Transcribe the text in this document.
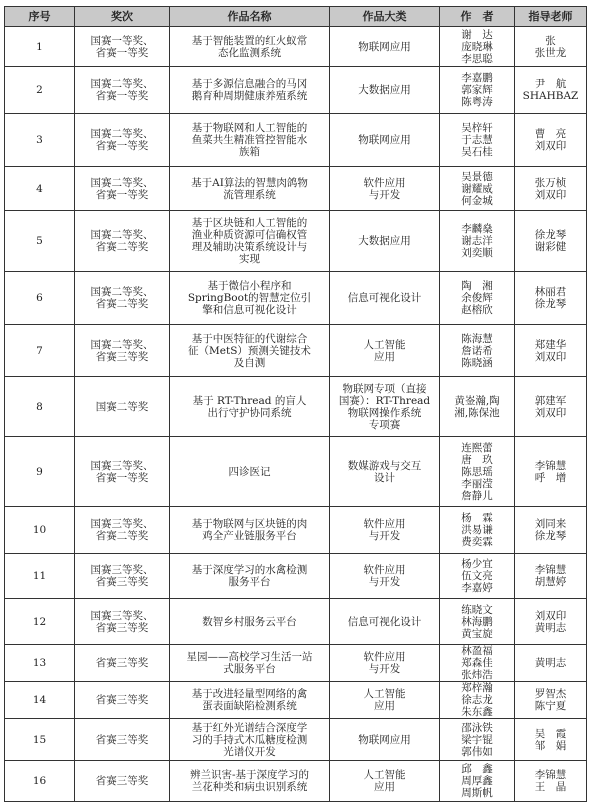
序号	奖次	作品名称	作品大类	作　者	指导老师
1	国赛一等奖、
省赛一等奖	基于智能装置的红火蚁常
态化监测系统	物联网应用	谢　达
庞晓琳
李思聪	张　
张世龙
2	国赛二等奖、
省赛一等奖	基于多源信息融合的马冈
鹅育种周期健康养殖系统	大数据应用	李嘉鹏
郭家辉
陈粤涛	尹　航
SHAHBAZ
3	国赛二等奖、
省赛一等奖	基于物联网和人工智能的
鱼菜共生精准管控智能水
族箱	物联网应用	吴梓轩
于志慧
吴石桂	曹　亮
刘双印
4	国赛二等奖、
省赛一等奖	基于AI算法的智慧肉鸽物
流管理系统	软件应用
与开发	吴景德
谢耀威
何金城	张万桢
刘双印
5	国赛二等奖、
省赛二等奖	基于区块链和人工智能的
渔业种质资源可信确权管
理及辅助决策系统设计与
实现	大数据应用	李麟燊
谢志洋
刘奕顺	徐龙琴
谢彩健
6	国赛二等奖、
省赛二等奖	基于微信小程序和
SpringBoot的智慧定位引
擎和信息可视化设计	信息可视化设计	陶　湘
余俊辉
赵榕欣	林丽君
徐龙琴
7	国赛二等奖、
省赛三等奖	基于中医特征的代谢综合
征（MetS）预测关键技术
及自测	人工智能
应用	陈海慧
詹诺希
陈晓涵	郑建华
刘双印
8	国赛二等奖	基于 RT-Thread 的盲人
出行守护协同系统	物联网专项（直接
国赛）：RT-Thread
物联网操作系统
专项赛	黄崟瀚,陶
湘,陈保池	郭建军
刘双印
9	国赛三等奖、
省赛一等奖	四诊医记	数媒游戏与交互
设计	连熙蕾
唐　玖
陈思瑶
李丽滢
詹静儿	李锦慧
呼　增
10	国赛三等奖、
省赛二等奖	基于物联网与区块链的肉
鸡全产业链服务平台	软件应用
与开发	杨　霖
洪易谦
费奕霖	刘同来
徐龙琴
11	国赛三等奖、
省赛三等奖	基于深度学习的水禽检测
服务平台	软件应用
与开发	杨少宜
伍文亮
李嘉婷	李锦慧
胡慧婷
12	国赛三等奖、
省赛三等奖	数智乡村服务云平台	信息可视化设计	练晓文
林海鹏
黄宝旋	刘双印
黄明志
13	省赛三等奖	星园——高校学习生活一站
式服务平台	软件应用
与开发	林盈福
郑森佳
张炜浩	黄明志
14	省赛三等奖	基于改进轻量型网络的禽
蛋表面缺陷检测系统	人工智能
应用	郑梓瀚
徐志龙
朱东鑫	罗智杰
陈宁夏
15	省赛三等奖	基于红外光谱结合深度学
习的手持式木瓜糖度检测
光谱仪开发	物联网应用	邵泳铁
梁宇锟
郭伟如	吴　霞
邹　娟
16	省赛三等奖	辨兰识害-基于深度学习的
兰花种类和病虫识别系统	人工智能
应用	邱　鑫
周厚鑫
周斯帆	李锦慧
王　晶
